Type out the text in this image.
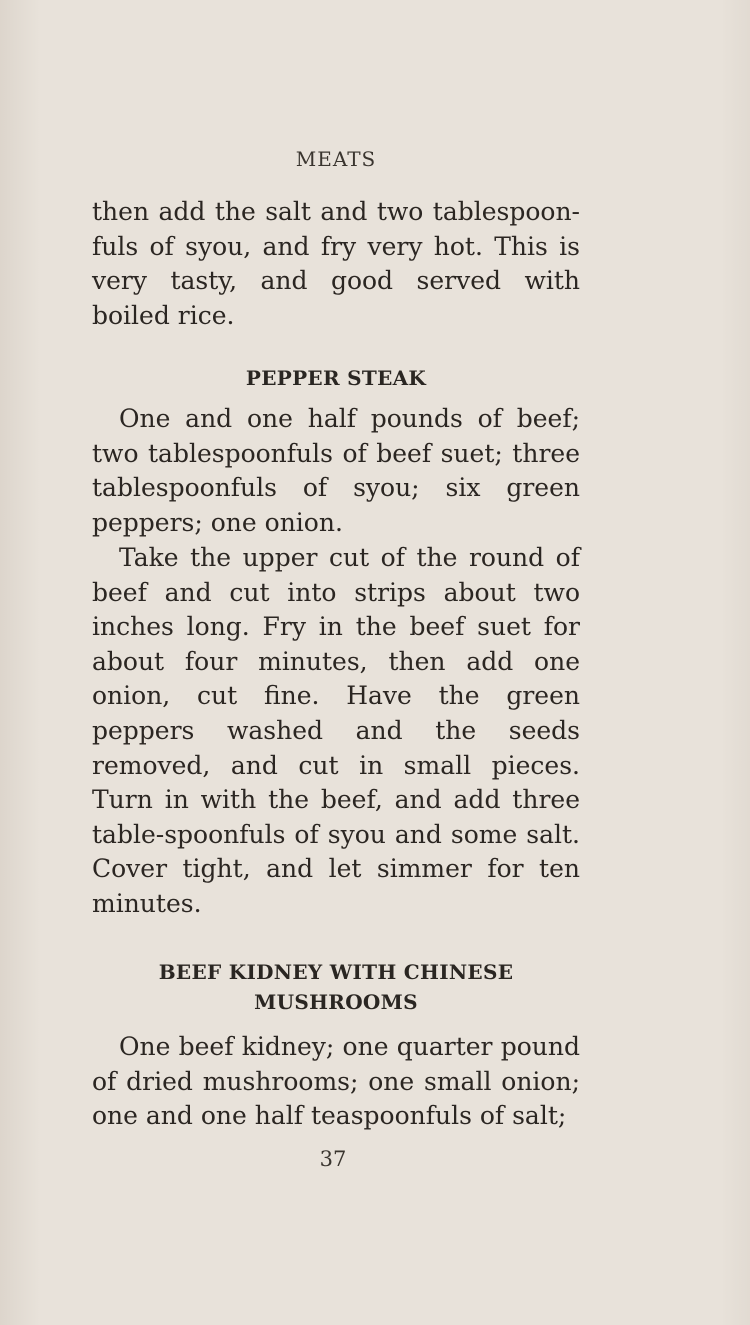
MEATS

then add the salt and two tablespoon-fuls of syou, and fry very hot. This is very tasty, and good served with boiled rice.

PEPPER STEAK

One and one half pounds of beef; two tablespoonfuls of beef suet; three tablespoonfuls of syou; six green peppers; one onion.

Take the upper cut of the round of beef and cut into strips about two inches long. Fry in the beef suet for about four minutes, then add one onion, cut fine. Have the green peppers washed and the seeds removed, and cut in small pieces. Turn in with the beef, and add three table-spoonfuls of syou and some salt. Cover tight, and let simmer for ten minutes.

BEEF KIDNEY WITH CHINESE
MUSHROOMS

One beef kidney; one quarter pound of dried mushrooms; one small onion; one and one half teaspoonfuls of salt;

37
